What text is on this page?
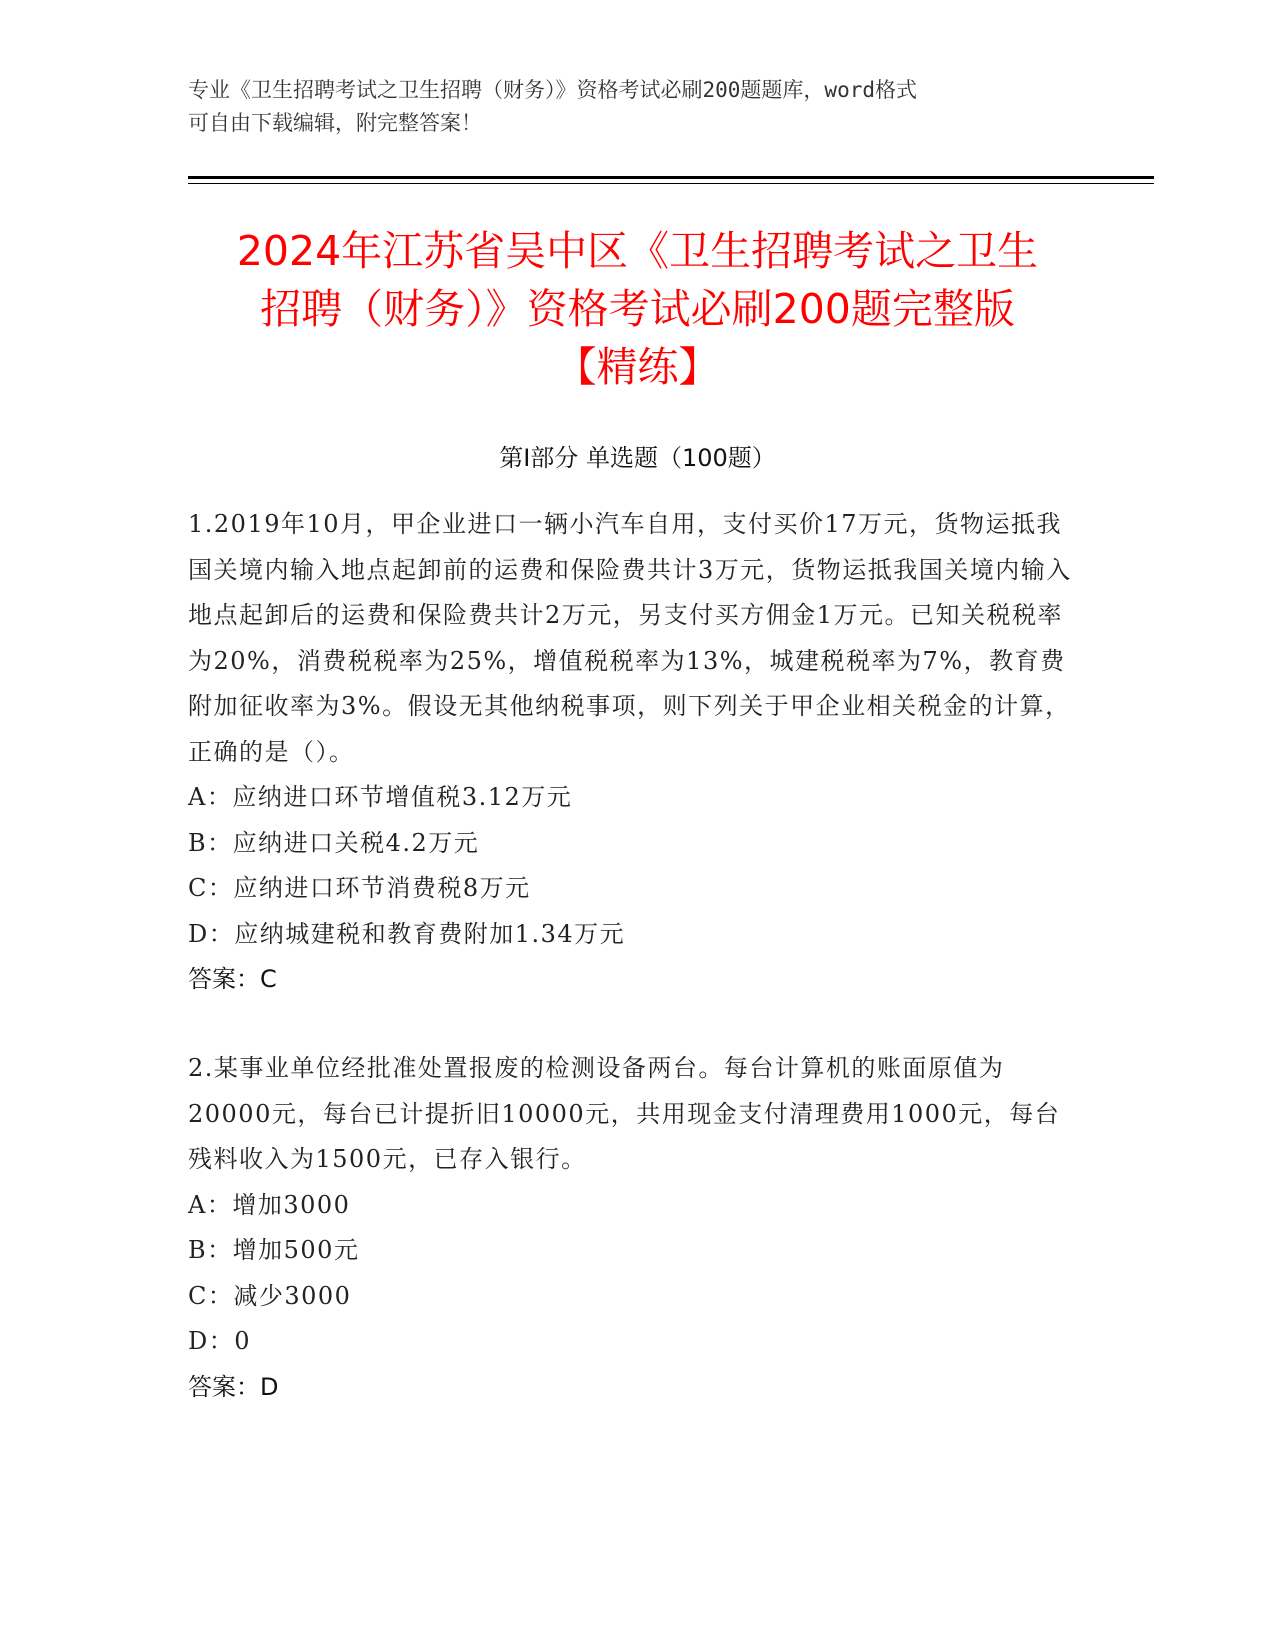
专业《卫生招聘考试之卫生招聘（财务）》资格考试必刷200题题库，word格式

可自由下载编辑，附完整答案！

2024年江苏省吴中区《卫生招聘考试之卫生
招聘（财务）》资格考试必刷200题完整版
【精练】
第Ⅰ部分 单选题（100题）

1.2019年10月，甲企业进口一辆小汽车自用，支付买价17万元，货物运抵我国关境内输入地点起卸前的运费和保险费共计3万元，货物运抵我国关境内输入地点起卸后的运费和保险费共计2万元，另支付买方佣金1万元。已知关税税率为20%，消费税税率为25%，增值税税率为13%，城建税税率为7%，教育费附加征收率为3%。假设无其他纳税事项，则下列关于甲企业相关税金的计算，正确的是（）。

A：应纳进口环节增值税3.12万元

B：应纳进口关税4.2万元

C：应纳进口环节消费税8万元

D：应纳城建税和教育费附加1.34万元

答案：C

2.某事业单位经批准处置报废的检测设备两台。每台计算机的账面原值为20000元，每台已计提折旧10000元，共用现金支付清理费用1000元，每台残料收入为1500元，已存入银行。

A：增加3000

B：增加500元

C：减少3000

D：0

答案：D
